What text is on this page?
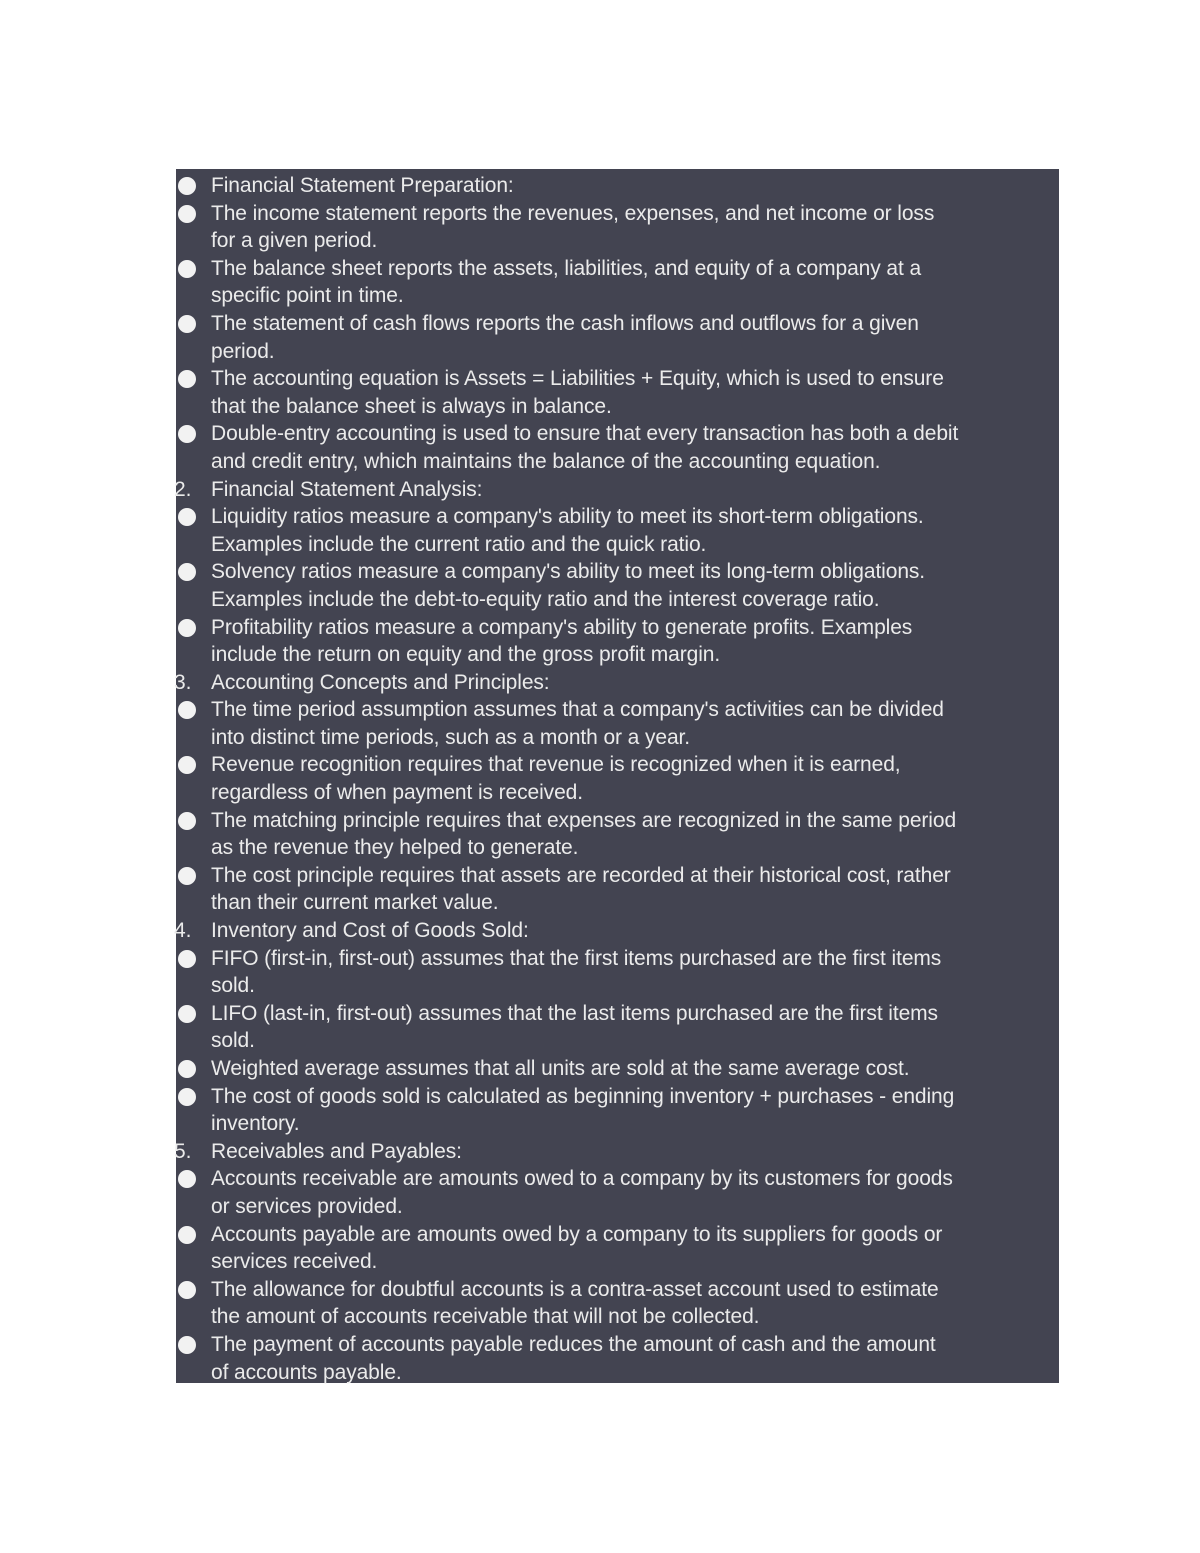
Financial Statement Preparation:
The income statement reports the revenues, expenses, and net income or loss
for a given period.
The balance sheet reports the assets, liabilities, and equity of a company at a
specific point in time.
The statement of cash flows reports the cash inflows and outflows for a given
period.
The accounting equation is Assets = Liabilities + Equity, which is used to ensure
that the balance sheet is always in balance.
Double-entry accounting is used to ensure that every transaction has both a debit
and credit entry, which maintains the balance of the accounting equation.
2. Financial Statement Analysis:
Liquidity ratios measure a company's ability to meet its short-term obligations.
Examples include the current ratio and the quick ratio.
Solvency ratios measure a company's ability to meet its long-term obligations.
Examples include the debt-to-equity ratio and the interest coverage ratio.
Profitability ratios measure a company's ability to generate profits. Examples
include the return on equity and the gross profit margin.
3. Accounting Concepts and Principles:
The time period assumption assumes that a company's activities can be divided
into distinct time periods, such as a month or a year.
Revenue recognition requires that revenue is recognized when it is earned,
regardless of when payment is received.
The matching principle requires that expenses are recognized in the same period
as the revenue they helped to generate.
The cost principle requires that assets are recorded at their historical cost, rather
than their current market value.
4. Inventory and Cost of Goods Sold:
FIFO (first-in, first-out) assumes that the first items purchased are the first items
sold.
LIFO (last-in, first-out) assumes that the last items purchased are the first items
sold.
Weighted average assumes that all units are sold at the same average cost.
The cost of goods sold is calculated as beginning inventory + purchases - ending
inventory.
5. Receivables and Payables:
Accounts receivable are amounts owed to a company by its customers for goods
or services provided.
Accounts payable are amounts owed by a company to its suppliers for goods or
services received.
The allowance for doubtful accounts is a contra-asset account used to estimate
the amount of accounts receivable that will not be collected.
The payment of accounts payable reduces the amount of cash and the amount
of accounts payable.
